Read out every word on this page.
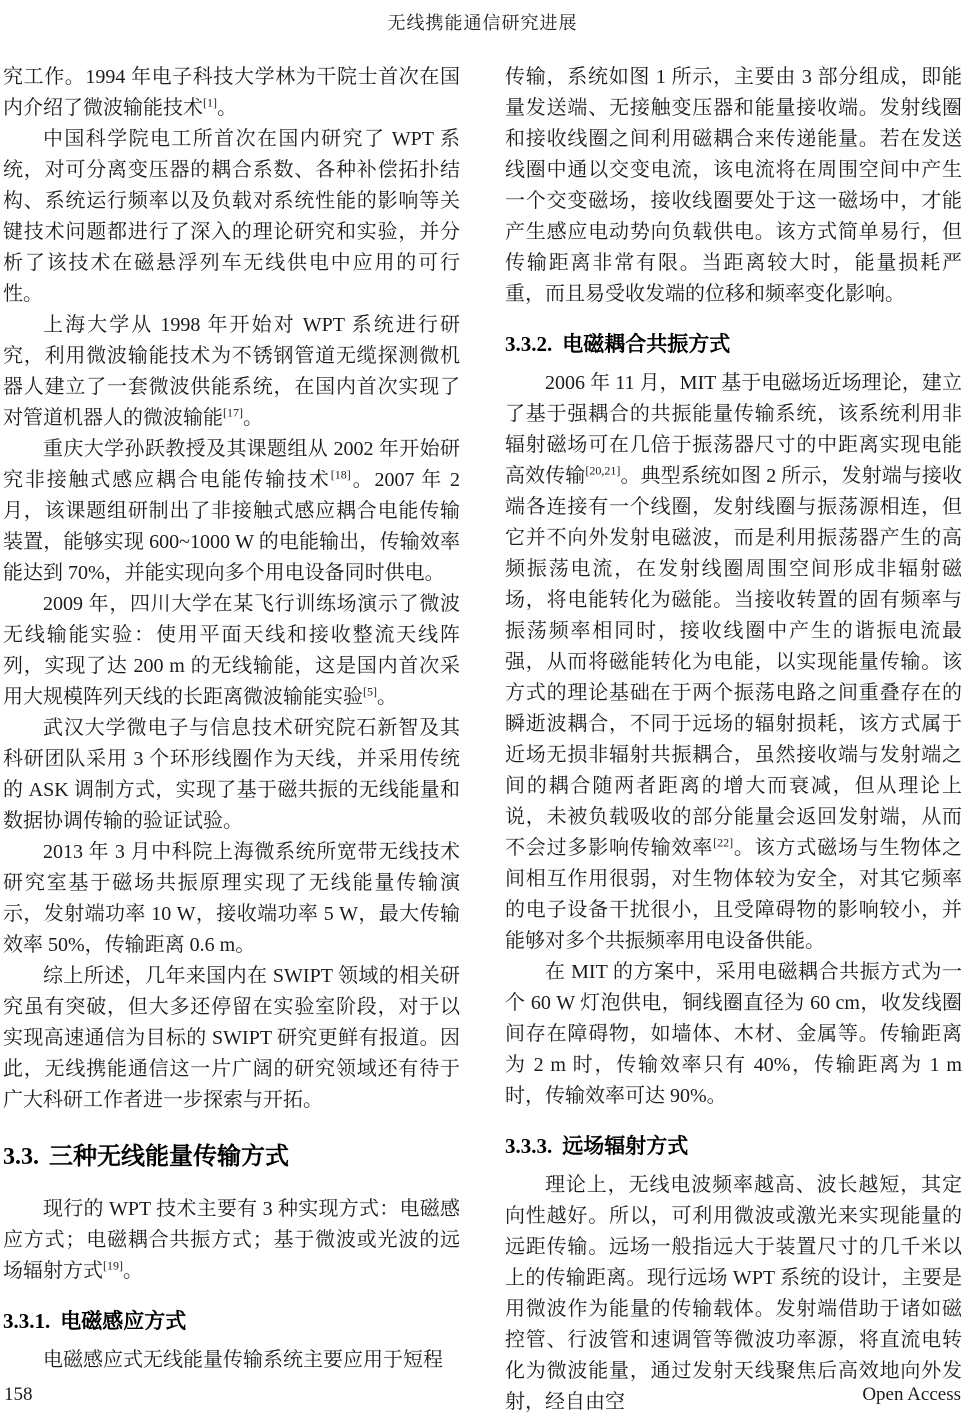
无线携能通信研究进展

究工作。1994 年电子科技大学林为干院士首次在国内介绍了微波输能技术[1]。

中国科学院电工所首次在国内研究了 WPT 系统，对可分离变压器的耦合系数、各种补偿拓扑结构、系统运行频率以及负载对系统性能的影响等关键技术问题都进行了深入的理论研究和实验，并分析了该技术在磁悬浮列车无线供电中应用的可行性。

上海大学从 1998 年开始对 WPT 系统进行研究，利用微波输能技术为不锈钢管道无缆探测微机器人建立了一套微波供能系统，在国内首次实现了对管道机器人的微波输能[17]。

重庆大学孙跃教授及其课题组从 2002 年开始研究非接触式感应耦合电能传输技术[18]。2007 年 2 月，该课题组研制出了非接触式感应耦合电能传输装置，能够实现 600~1000 W 的电能输出，传输效率能达到 70%，并能实现向多个用电设备同时供电。

2009 年，四川大学在某飞行训练场演示了微波无线输能实验：使用平面天线和接收整流天线阵列，实现了达 200 m 的无线输能，这是国内首次采用大规模阵列天线的长距离微波输能实验[5]。

武汉大学微电子与信息技术研究院石新智及其科研团队采用 3 个环形线圈作为天线，并采用传统的 ASK 调制方式，实现了基于磁共振的无线能量和数据协调传输的验证试验。

2013 年 3 月中科院上海微系统所宽带无线技术研究室基于磁场共振原理实现了无线能量传输演示，发射端功率 10 W，接收端功率 5 W，最大传输效率 50%，传输距离 0.6 m。

综上所述，几年来国内在 SWIPT 领域的相关研究虽有突破，但大多还停留在实验室阶段，对于以实现高速通信为目标的 SWIPT 研究更鲜有报道。因此，无线携能通信这一片广阔的研究领域还有待于广大科研工作者进一步探索与开拓。

3.3. 三种无线能量传输方式

现行的 WPT 技术主要有 3 种实现方式：电磁感应方式；电磁耦合共振方式；基于微波或光波的远场辐射方式[19]。

3.3.1. 电磁感应方式

电磁感应式无线能量传输系统主要应用于短程

传输，系统如图 1 所示，主要由 3 部分组成，即能量发送端、无接触变压器和能量接收端。发射线圈和接收线圈之间利用磁耦合来传递能量。若在发送线圈中通以交变电流，该电流将在周围空间中产生一个交变磁场，接收线圈要处于这一磁场中，才能产生感应电动势向负载供电。该方式简单易行，但传输距离非常有限。当距离较大时，能量损耗严重，而且易受收发端的位移和频率变化影响。

3.3.2. 电磁耦合共振方式

2006 年 11 月，MIT 基于电磁场近场理论，建立了基于强耦合的共振能量传输系统，该系统利用非辐射磁场可在几倍于振荡器尺寸的中距离实现电能高效传输[20,21]。典型系统如图 2 所示，发射端与接收端各连接有一个线圈，发射线圈与振荡源相连，但它并不向外发射电磁波，而是利用振荡器产生的高频振荡电流，在发射线圈周围空间形成非辐射磁场，将电能转化为磁能。当接收转置的固有频率与振荡频率相同时，接收线圈中产生的谐振电流最强，从而将磁能转化为电能，以实现能量传输。该方式的理论基础在于两个振荡电路之间重叠存在的瞬逝波耦合，不同于远场的辐射损耗，该方式属于近场无损非辐射共振耦合，虽然接收端与发射端之间的耦合随两者距离的增大而衰减，但从理论上说，未被负载吸收的部分能量会返回发射端，从而不会过多影响传输效率[22]。该方式磁场与生物体之间相互作用很弱，对生物体较为安全，对其它频率的电子设备干扰很小，且受障碍物的影响较小，并能够对多个共振频率用电设备供能。

在 MIT 的方案中，采用电磁耦合共振方式为一个 60 W 灯泡供电，铜线圈直径为 60 cm，收发线圈间存在障碍物，如墙体、木材、金属等。传输距离为 2 m 时，传输效率只有 40%，传输距离为 1 m 时，传输效率可达 90%。

3.3.3. 远场辐射方式

理论上，无线电波频率越高、波长越短，其定向性越好。所以，可利用微波或激光来实现能量的远距传输。远场一般指远大于装置尺寸的几千米以上的传输距离。现行远场 WPT 系统的设计，主要是用微波作为能量的传输载体。发射端借助于诸如磁控管、行波管和速调管等微波功率源，将直流电转化为微波能量，通过发射天线聚焦后高效地向外发射，经自由空

158	Open Access
